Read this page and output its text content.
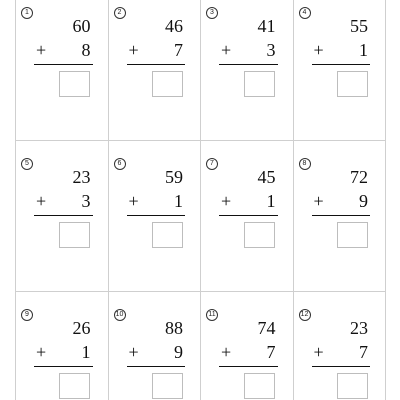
1
60
+ 8
2
46
+ 7
3
41
+ 3
4
55
+ 1
5
23
+ 3
6
59
+ 1
7
45
+ 1
8
72
+ 9
9
26
+ 1
10
88
+ 9
11
74
+ 7
12
23
+ 7
